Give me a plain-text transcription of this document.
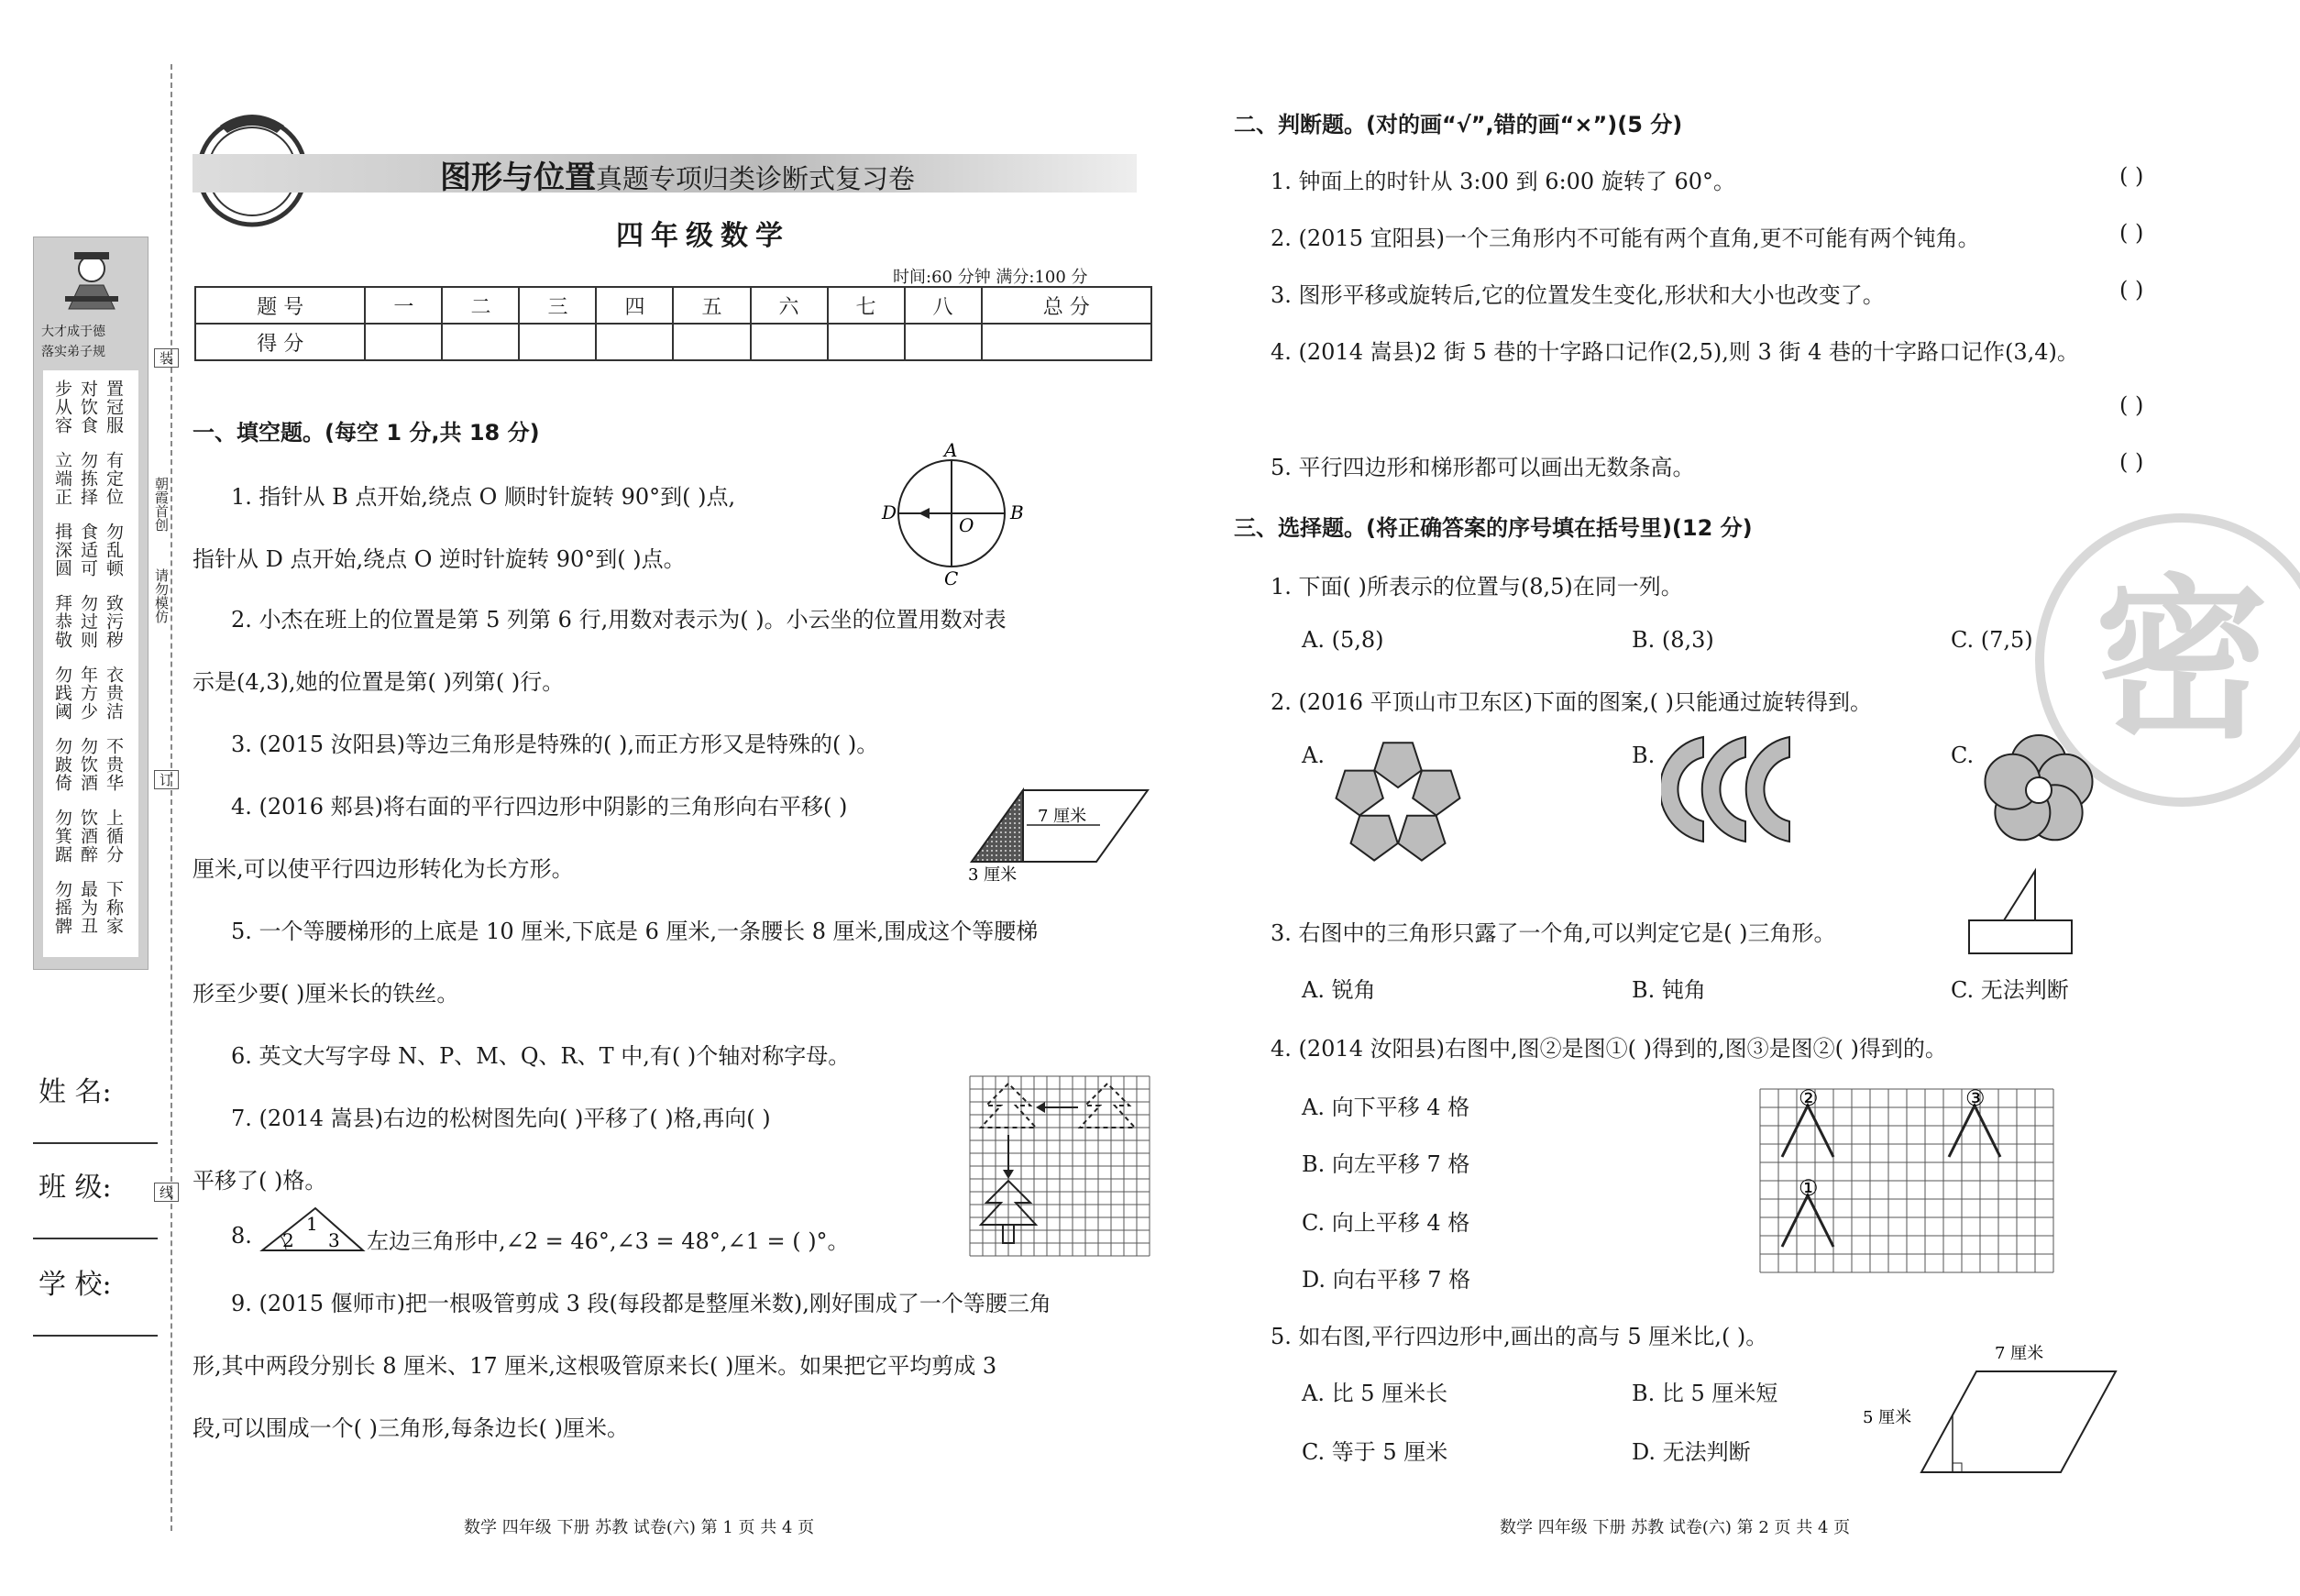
大才成于德
落实弟子规
步从容 对饮食 置冠服
立端正 勿拣择 有定位
揖深圆 食适可 勿乱顿
拜恭敬 勿过则 致污秽
勿践阈 年方少 衣贵洁
勿跛倚 勿饮酒 不贵华
勿箕踞 饮酒醉 上循分
勿摇髀 最为丑 下称家
装
订
线
朝霞首创
请勿模仿
姓 名:
班 级:
学 校:
图形与位置真题专项归类诊断式复习卷
四年级数学
时间:60 分钟 满分:100 分
题 号	一	二	三	四	五	六	七	八	总 分
得 分									
一、填空题。(每空 1 分,共 18 分)
1. 指针从 B 点开始,绕点 O 顺时针旋转 90°到( )点,
指针从 D 点开始,绕点 O 逆时针旋转 90°到( )点。
A
B
C
D
O
2. 小杰在班上的位置是第 5 列第 6 行,用数对表示为( )。小云坐的位置用数对表
示是(4,3),她的位置是第( )列第( )行。
3. (2015 汝阳县)等边三角形是特殊的( ),而正方形又是特殊的( )。
4. (2016 郏县)将右面的平行四边形中阴影的三角形向右平移( )
厘米,可以使平行四边形转化为长方形。
7 厘米
3 厘米
5. 一个等腰梯形的上底是 10 厘米,下底是 6 厘米,一条腰长 8 厘米,围成这个等腰梯
形至少要( )厘米长的铁丝。
6. 英文大写字母 N、P、M、Q、R、T 中,有( )个轴对称字母。
7. (2014 嵩县)右边的松树图先向( )平移了( )格,再向( )
平移了( )格。
8.	1
2 3 左边三角形中,∠2 = 46°,∠3 = 48°,∠1 = ( )°。
9. (2015 偃师市)把一根吸管剪成 3 段(每段都是整厘米数),刚好围成了一个等腰三角
形,其中两段分别长 8 厘米、17 厘米,这根吸管原来长( )厘米。如果把它平均剪成 3
段,可以围成一个( )三角形,每条边长( )厘米。
数学 四年级 下册 苏教 试卷(六) 第 1 页 共 4 页
密
二、判断题。(对的画“√”,错的画“×”)(5 分)
1. 钟面上的时针从 3:00 到 6:00 旋转了 60°。	( )
2. (2015 宜阳县)一个三角形内不可能有两个直角,更不可能有两个钝角。	( )
3. 图形平移或旋转后,它的位置发生变化,形状和大小也改变了。	( )
4. (2014 嵩县)2 街 5 巷的十字路口记作(2,5),则 3 街 4 巷的十字路口记作(3,4)。
( )
5. 平行四边形和梯形都可以画出无数条高。	( )
三、选择题。(将正确答案的序号填在括号里)(12 分)
1. 下面( )所表示的位置与(8,5)在同一列。
A. (5,8)	B. (8,3)	C. (7,5)
2. (2016 平顶山市卫东区)下面的图案,( )只能通过旋转得到。
A.	B.	C.
3. 右图中的三角形只露了一个角,可以判定它是( )三角形。
A. 锐角	B. 钝角	C. 无法判断
4. (2014 汝阳县)右图中,图②是图①( )得到的,图③是图②( )得到的。
A. 向下平移 4 格
B. 向左平移 7 格
C. 向上平移 4 格
D. 向右平移 7 格
②	③
①
5. 如右图,平行四边形中,画出的高与 5 厘米比,( )。
A. 比 5 厘米长	B. 比 5 厘米短
C. 等于 5 厘米	D. 无法判断
7 厘米
5 厘米
数学 四年级 下册 苏教 试卷(六) 第 2 页 共 4 页
